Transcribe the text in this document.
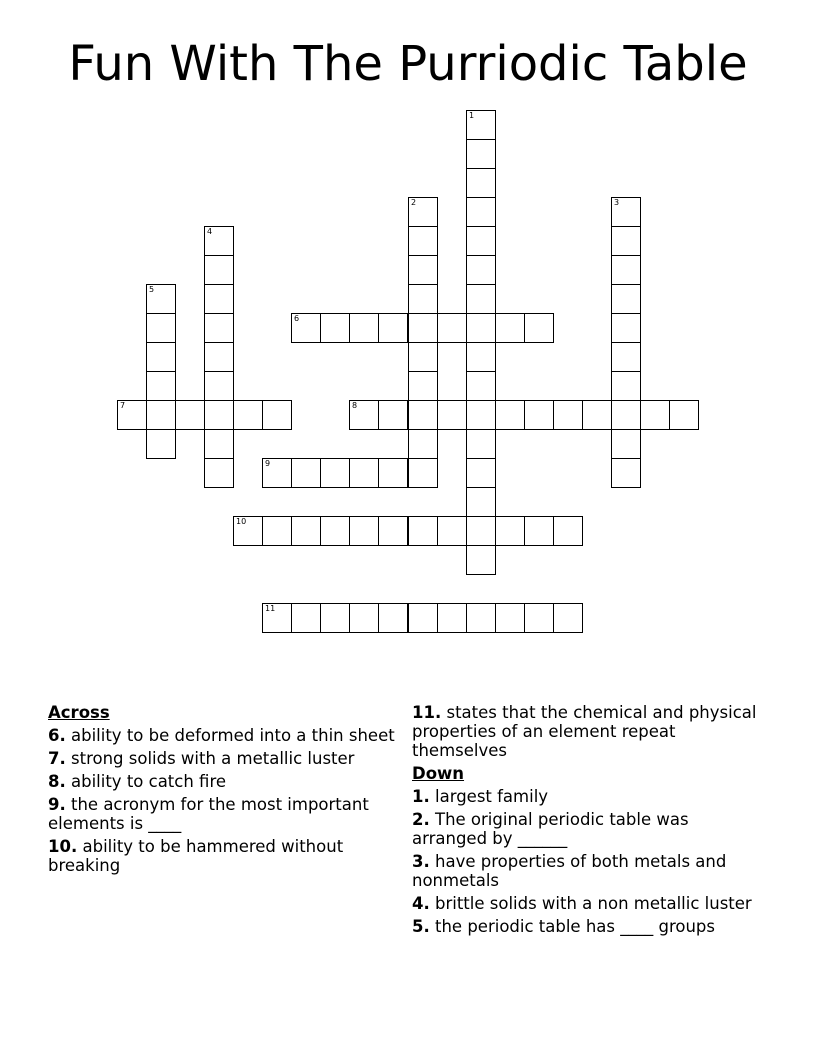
Fun With The Purriodic Table
1
2	3
4
5
6
7	8
9
10
11
Across
6. ability to be deformed into a thin sheet
7. strong solids with a metallic luster
8. ability to catch fire
9. the acronym for the most important elements is ____
10. ability to be hammered without breaking
11. states that the chemical and physical properties of an element repeat themselves
Down
1. largest family
2. The original periodic table was arranged by ______
3. have properties of both metals and nonmetals
4. brittle solids with a non metallic luster
5. the periodic table has ____ groups
